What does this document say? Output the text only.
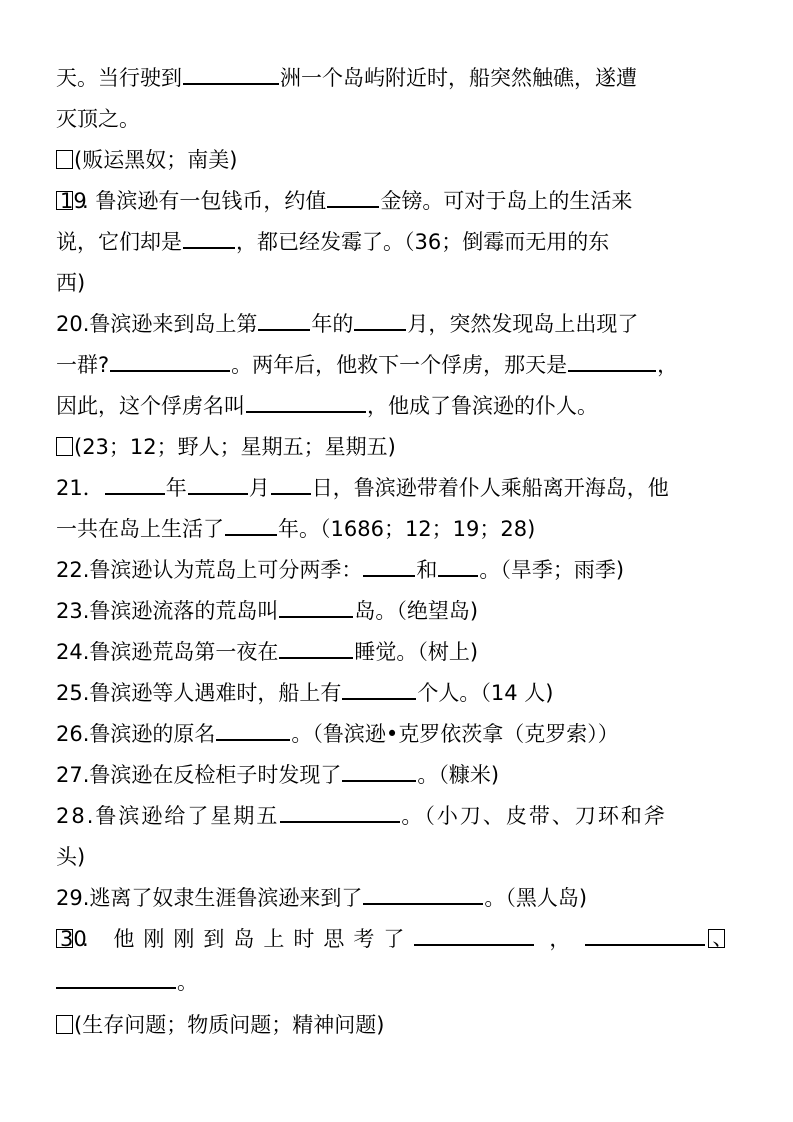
天。当行驶到	洲一个岛屿附近时，船突然触礁，遂遭
灭顶之。
(贩运黑奴；南美)
19
. 鲁滨逊有一包钱币，约值	金镑。可对于岛上的生活来
说，它们却是	，都已经发霉了。（36；倒霉而无用的东
西)
20.鲁滨逊来到岛上第	年的	月，突然发现岛上出现了
一群?	。两年后，他救下一个俘虏，那天是	，
因此，这个俘虏名叫	，他成了鲁滨逊的仆人。
(23；12；野人；星期五；星期五)
21．	年	月 日，鲁滨逊带着仆人乘船离开海岛，他
一共在岛上生活了	年。（1686；12；19；28)
22.鲁滨逊认为荒岛上可分两季：	和 。（旱季；雨季)
23.鲁滨逊流落的荒岛叫	岛。（绝望岛)
24.鲁滨逊荒岛第一夜在	睡觉。（树上)
25.鲁滨逊等人遇难时，船上有	个人。（14 人)
26.鲁滨逊的原名	。（鲁滨逊•克罗依茨拿（克罗索））
27.鲁滨逊在反检柜子时发现了	。（糠米)
28.鲁滨逊给了星期五	。（小刀、皮带、刀环和斧
头)
29.逃离了奴隶生涯鲁滨逊来到了	。（黑人岛)
30
. 他刚刚到岛上时思考了	，	、
。
(生存问题；物质问题；精神问题)
